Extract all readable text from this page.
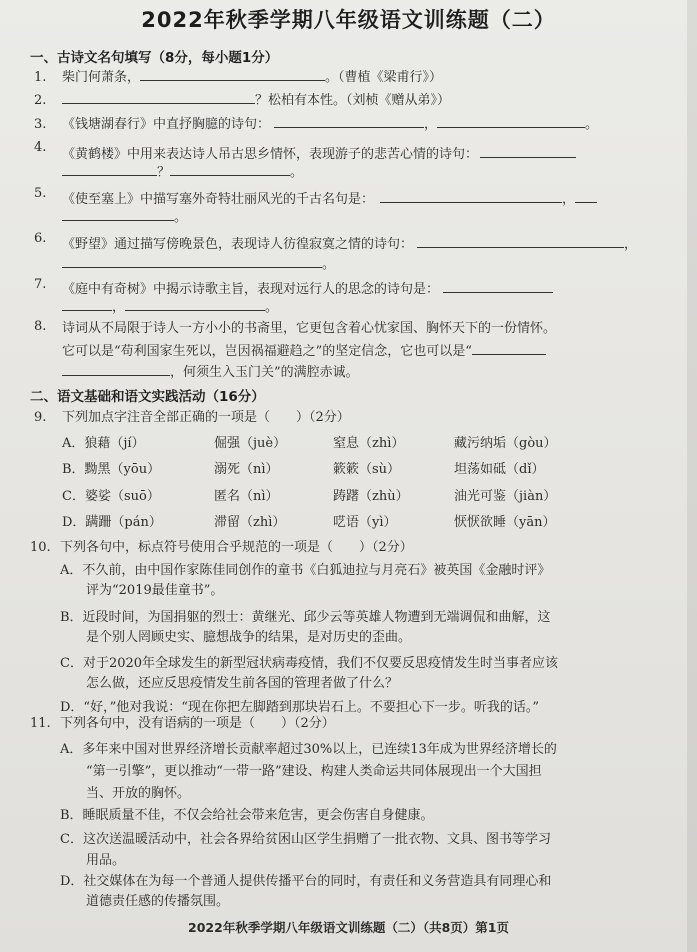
2022年秋季学期八年级语文训练题（二）
一、古诗文名句填写（8分，每小题1分）
1. 柴门何萧条，	。（曹植《梁甫行》）
2.	？松柏有本性。（刘桢《赠从弟》）
3. 《钱塘湖春行》中直抒胸臆的诗句：	，	。
4. 《黄鹤楼》中用来表达诗人吊古思乡情怀，表现游子的悲苦心情的诗句：
？	。
5. 《使至塞上》中描写塞外奇特壮丽风光的千古名句是：	，
。
6. 《野望》通过描写傍晚景色，表现诗人彷徨寂寞之情的诗句：	，
。
7. 《庭中有奇树》中揭示诗歌主旨，表现对远行人的思念的诗句是：
，	。
8. 诗词从不局限于诗人一方小小的书斋里，它更包含着心忧家国、胸怀天下的一份情怀。
它可以是“苟利国家生死以，岂因祸福避趋之”的坚定信念，它也可以是“
，何须生入玉门关”的满腔赤诚。
二、语文基础和语文实践活动（16分）
9. 下列加点字注音全部正确的一项是（　　）（2分）
A．狼藉（jí）	倔强（juè）	窒息（zhì）	藏污纳垢（gòu）
B．黝黑（yōu）	溺死（nì）	簌簌（sù）	坦荡如砥（dǐ）
C．婆娑（suō）	匿名（nì）	踌躇（zhù）	油光可鉴（jiàn）
D．蹒跚（pán）	滞留（zhì）	呓语（yì）	恹恹欲睡（yān）
10. 下列各句中，标点符号使用合乎规范的一项是（　　）（2分）
A．不久前，由中国作家陈佳同创作的童书《白狐迪拉与月亮石》被英国《金融时评》
评为“2019最佳童书”。
B．近段时间，为国捐躯的烈士：黄继光、邱少云等英雄人物遭到无端调侃和曲解，这
是个别人罔顾史实、臆想战争的结果，是对历史的歪曲。
C．对于2020年全球发生的新型冠状病毒疫情，我们不仅要反思疫情发生时当事者应该
怎么做，还应反思疫情发生前各国的管理者做了什么？
D．“好，”他对我说：“现在你把左脚踏到那块岩石上。不要担心下一步。听我的话。”
11. 下列各句中，没有语病的一项是（　　）（2分）
A．多年来中国对世界经济增长贡献率超过30%以上，已连续13年成为世界经济增长的
“第一引擎”，更以推动“一带一路”建设、构建人类命运共同体展现出一个大国担
当、开放的胸怀。
B．睡眠质量不佳，不仅会给社会带来危害，更会伤害自身健康。
C．这次送温暖活动中，社会各界给贫困山区学生捐赠了一批衣物、文具、图书等学习
用品。
D．社交媒体在为每一个普通人提供传播平台的同时，有责任和义务营造具有同理心和
道德责任感的传播氛围。
2022年秋季学期八年级语文训练题（二）（共8页）第1页
